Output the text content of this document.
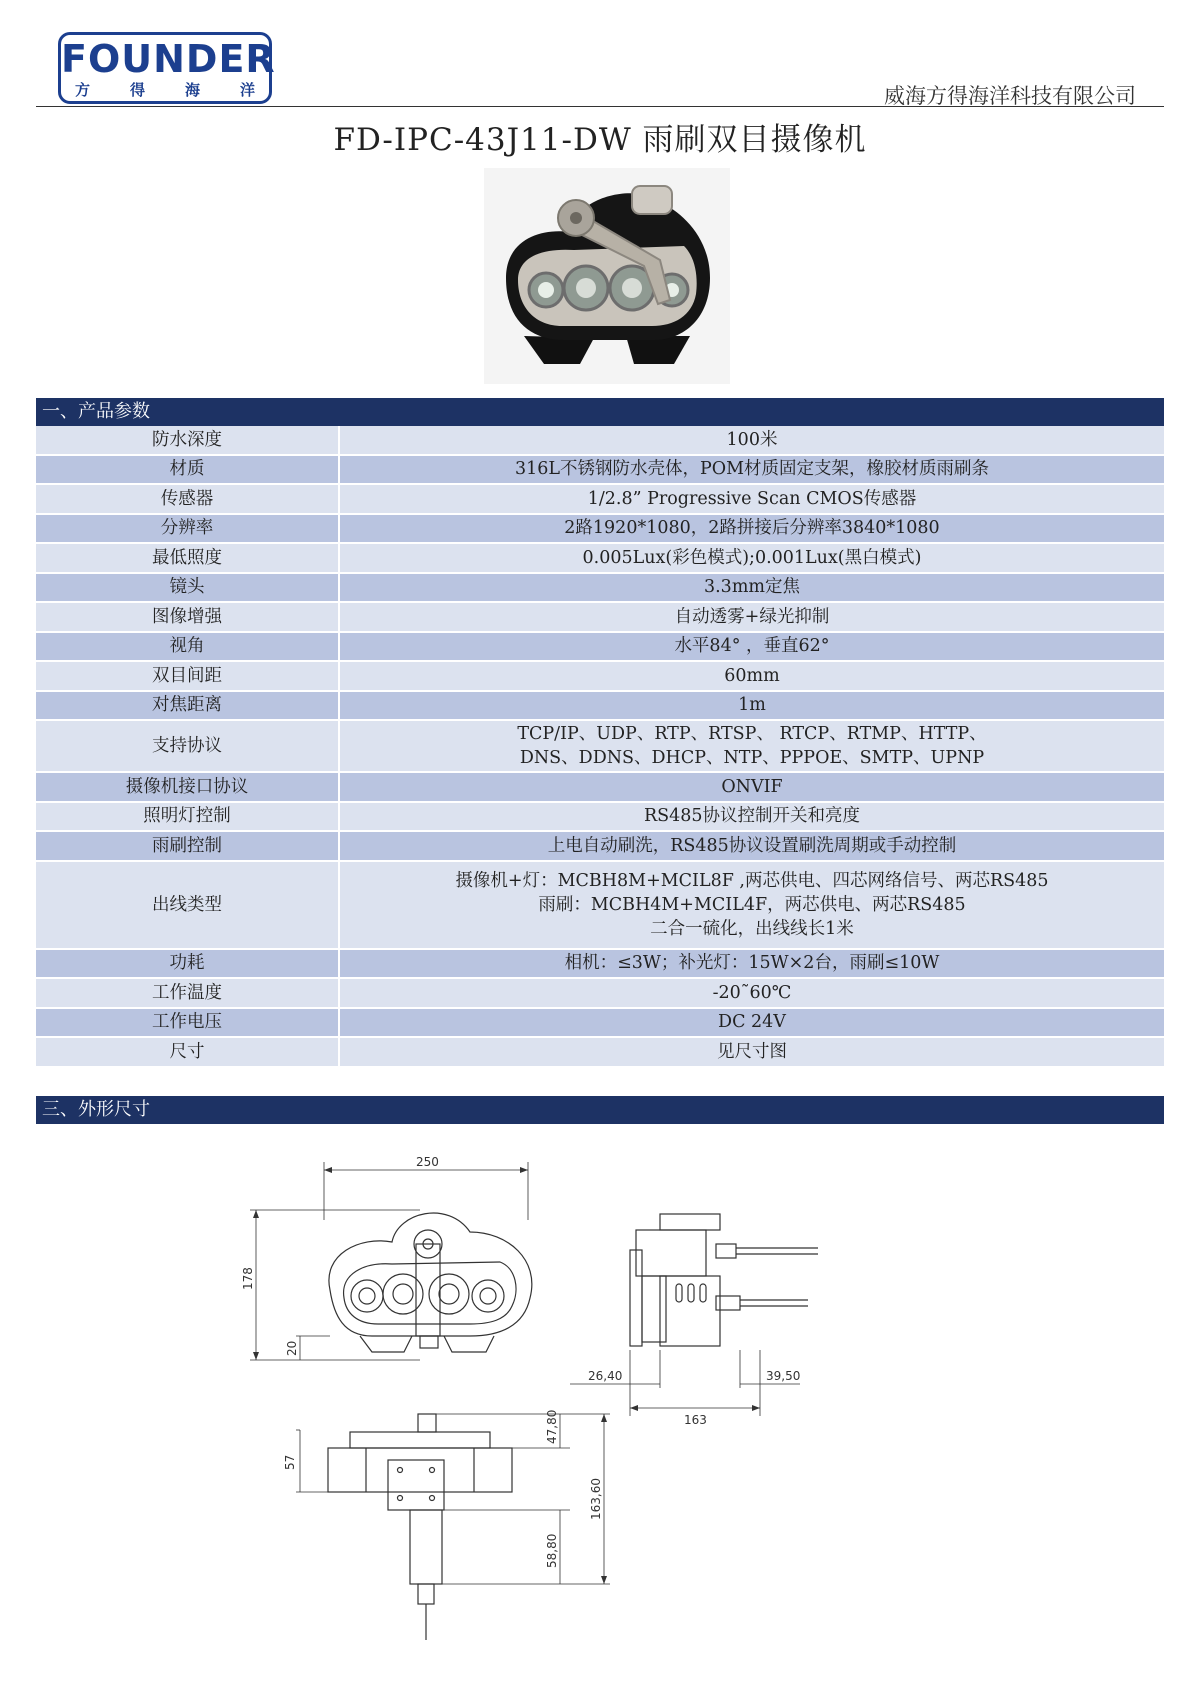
FOUNDER
方	得	海	洋	威海方得海洋科技有限公司
FD-IPC-43J11-DW 雨刷双目摄像机
一、产品参数
防水深度	100米
材质	316L不锈钢防水壳体，POM材质固定支架，橡胶材质雨刷条
传感器	1/2.8” Progressive Scan CMOS传感器
分辨率	2路1920*1080，2路拼接后分辨率3840*1080
最低照度	0.005Lux(彩色模式);0.001Lux(黑白模式)
镜头	3.3mm定焦
图像增强	自动透雾+绿光抑制
视角	水平84° ，垂直62°
双目间距	60mm
对焦距离	1m
支持协议	TCP/IP、UDP、RTP、RTSP、 RTCP、RTMP、HTTP、
DNS、DDNS、DHCP、NTP、PPPOE、SMTP、UPNP

摄像机接口协议	ONVIF
照明灯控制	RS485协议控制开关和亮度
雨刷控制	上电自动刷洗，RS485协议设置刷洗周期或手动控制
出线类型	摄像机+灯：MCBH8M+MCIL8F ,两芯供电、四芯网络信号、两芯RS485
雨刷：MCBH4M+MCIL4F，两芯供电、两芯RS485
二合一硫化，出线线长1米

功耗	相机：≤3W；补光灯：15W×2台，雨刷≤10W
工作温度	-20˜60℃
工作电压	DC 24V
尺寸	见尺寸图
三、外形尺寸
250
178
20
26,40	39,50
163
47,80
163,60
58,80
57
